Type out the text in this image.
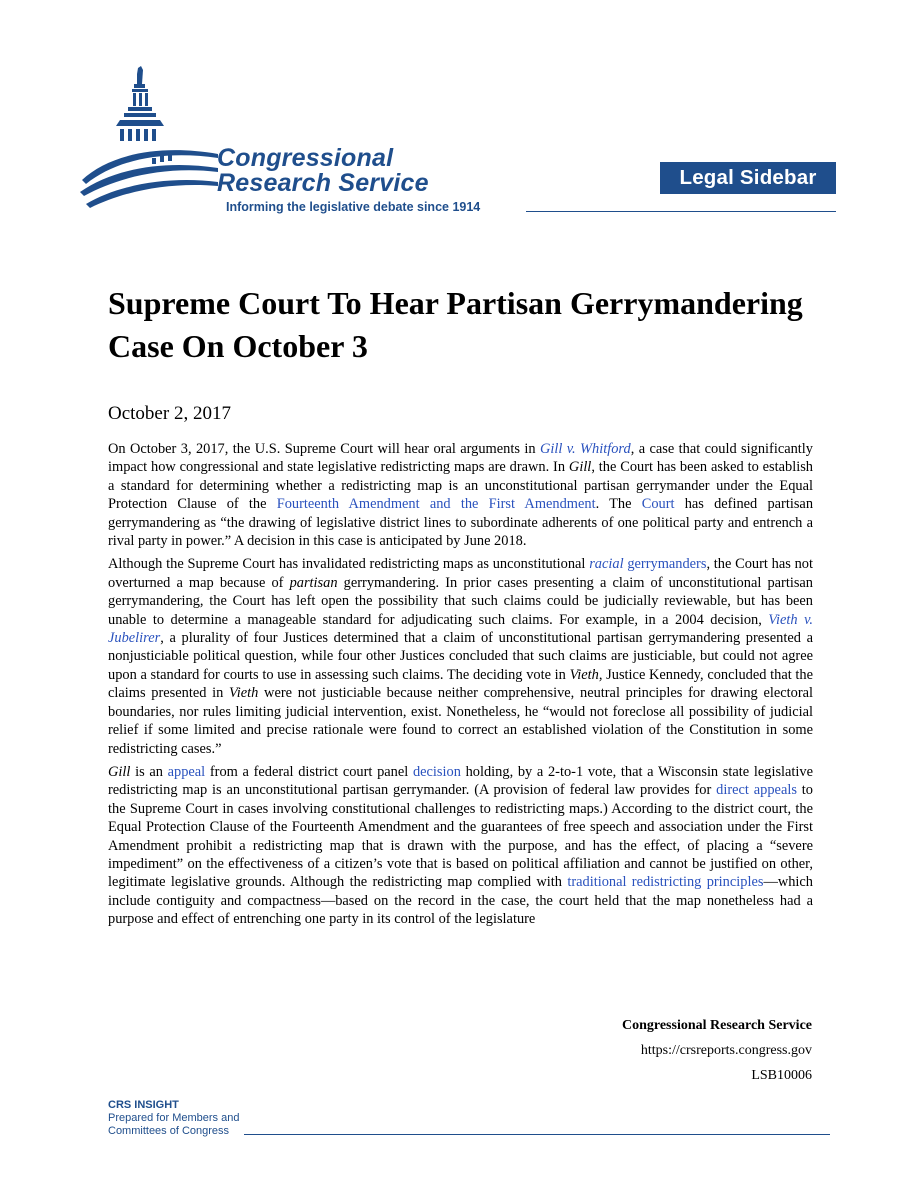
Congressional
Research Service
Informing the legislative debate since 1914
Legal Sidebar
Supreme Court To Hear Partisan Gerrymandering Case On October 3
October 2, 2017

On October 3, 2017, the U.S. Supreme Court will hear oral arguments in Gill v. Whitford, a case that could significantly impact how congressional and state legislative redistricting maps are drawn. In Gill, the Court has been asked to establish a standard for determining whether a redistricting map is an unconstitutional partisan gerrymander under the Equal Protection Clause of the Fourteenth Amendment and the First Amendment. The Court has defined partisan gerrymandering as “the drawing of legislative district lines to subordinate adherents of one political party and entrench a rival party in power.” A decision in this case is anticipated by June 2018.

Although the Supreme Court has invalidated redistricting maps as unconstitutional racial gerrymanders, the Court has not overturned a map because of partisan gerrymandering. In prior cases presenting a claim of unconstitutional partisan gerrymandering, the Court has left open the possibility that such claims could be judicially reviewable, but has been unable to determine a manageable standard for adjudicating such claims. For example, in a 2004 decision, Vieth v. Jubelirer, a plurality of four Justices determined that a claim of unconstitutional partisan gerrymandering presented a nonjusticiable political question, while four other Justices concluded that such claims are justiciable, but could not agree upon a standard for courts to use in assessing such claims. The deciding vote in Vieth, Justice Kennedy, concluded that the claims presented in Vieth were not justiciable because neither comprehensive, neutral principles for drawing electoral boundaries, nor rules limiting judicial intervention, exist. Nonetheless, he “would not foreclose all possibility of judicial relief if some limited and precise rationale were found to correct an established violation of the Constitution in some redistricting cases.”

Gill is an appeal from a federal district court panel decision holding, by a 2-to-1 vote, that a Wisconsin state legislative redistricting map is an unconstitutional partisan gerrymander. (A provision of federal law provides for direct appeals to the Supreme Court in cases involving constitutional challenges to redistricting maps.) According to the district court, the Equal Protection Clause of the Fourteenth Amendment and the guarantees of free speech and association under the First Amendment prohibit a redistricting map that is drawn with the purpose, and has the effect, of placing a “severe impediment” on the effectiveness of a citizen’s vote that is based on political affiliation and cannot be justified on other, legitimate legislative grounds. Although the redistricting map complied with traditional redistricting principles—which include contiguity and compactness—based on the record in the case, the court held that the map nonetheless had a purpose and effect of entrenching one party in its control of the legislature

Congressional Research Service
https://crsreports.congress.gov
LSB10006
CRS INSIGHT
Prepared for Members and
Committees of Congress
